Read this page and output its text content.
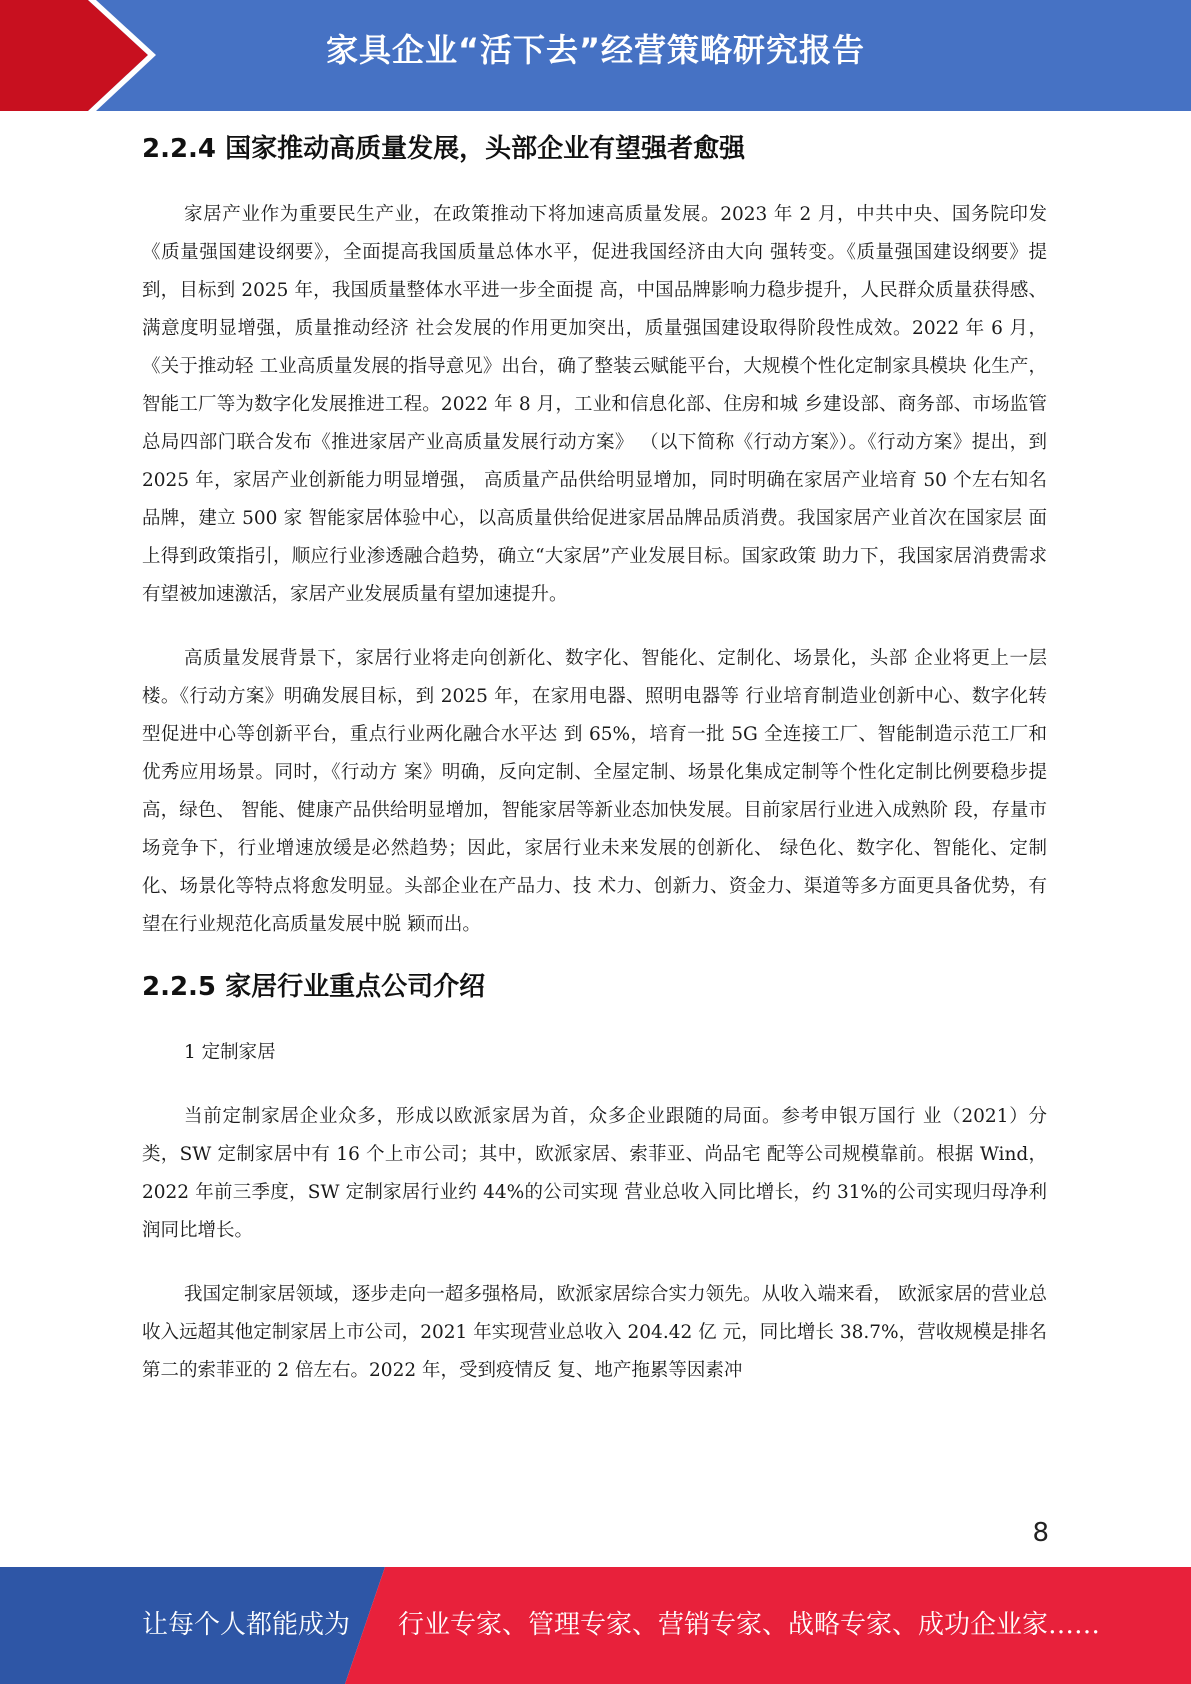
家具企业“活下去”经营策略研究报告
2.2.4 国家推动高质量发展，头部企业有望强者愈强

家居产业作为重要民生产业，在政策推动下将加速高质量发展。2023 年 2 月，中共中央、国务院印发《质量强国建设纲要》，全面提高我国质量总体水平，促进我国经济由大向 强转变。《质量强国建设纲要》提到，目标到 2025 年，我国质量整体水平进一步全面提 高，中国品牌影响力稳步提升，人民群众质量获得感、满意度明显增强，质量推动经济 社会发展的作用更加突出，质量强国建设取得阶段性成效。2022 年 6 月，《关于推动轻 工业高质量发展的指导意见》出台，确了整装云赋能平台，大规模个性化定制家具模块 化生产，智能工厂等为数字化发展推进工程。2022 年 8 月，工业和信息化部、住房和城 乡建设部、商务部、市场监管总局四部门联合发布《推进家居产业高质量发展行动方案》 （以下简称《行动方案》）。《行动方案》提出，到 2025 年，家居产业创新能力明显增强， 高质量产品供给明显增加，同时明确在家居产业培育 50 个左右知名品牌，建立 500 家 智能家居体验中心，以高质量供给促进家居品牌品质消费。我国家居产业首次在国家层 面上得到政策指引，顺应行业渗透融合趋势，确立“大家居”产业发展目标。国家政策 助力下，我国家居消费需求有望被加速激活，家居产业发展质量有望加速提升。

高质量发展背景下，家居行业将走向创新化、数字化、智能化、定制化、场景化，头部 企业将更上一层楼。《行动方案》明确发展目标，到 2025 年，在家用电器、照明电器等 行业培育制造业创新中心、数字化转型促进中心等创新平台，重点行业两化融合水平达 到 65%，培育一批 5G 全连接工厂、智能制造示范工厂和优秀应用场景。同时，《行动方 案》明确，反向定制、全屋定制、场景化集成定制等个性化定制比例要稳步提高，绿色、 智能、健康产品供给明显增加，智能家居等新业态加快发展。目前家居行业进入成熟阶 段，存量市场竞争下，行业增速放缓是必然趋势；因此，家居行业未来发展的创新化、 绿色化、数字化、智能化、定制化、场景化等特点将愈发明显。头部企业在产品力、技 术力、创新力、资金力、渠道等多方面更具备优势，有望在行业规范化高质量发展中脱 颖而出。

2.2.5 家居行业重点公司介绍

1 定制家居

当前定制家居企业众多，形成以欧派家居为首，众多企业跟随的局面。参考申银万国行 业（2021）分类，SW 定制家居中有 16 个上市公司；其中，欧派家居、索菲亚、尚品宅 配等公司规模靠前。根据 Wind，2022 年前三季度，SW 定制家居行业约 44%的公司实现 营业总收入同比增长，约 31%的公司实现归母净利润同比增长。

我国定制家居领域，逐步走向一超多强格局，欧派家居综合实力领先。从收入端来看， 欧派家居的营业总收入远超其他定制家居上市公司，2021 年实现营业总收入 204.42 亿 元，同比增长 38.7%，营收规模是排名第二的索菲亚的 2 倍左右。2022 年，受到疫情反 复、地产拖累等因素冲

8
让每个人都能成为 行业专家、管理专家、营销专家、战略专家、成功企业家……
